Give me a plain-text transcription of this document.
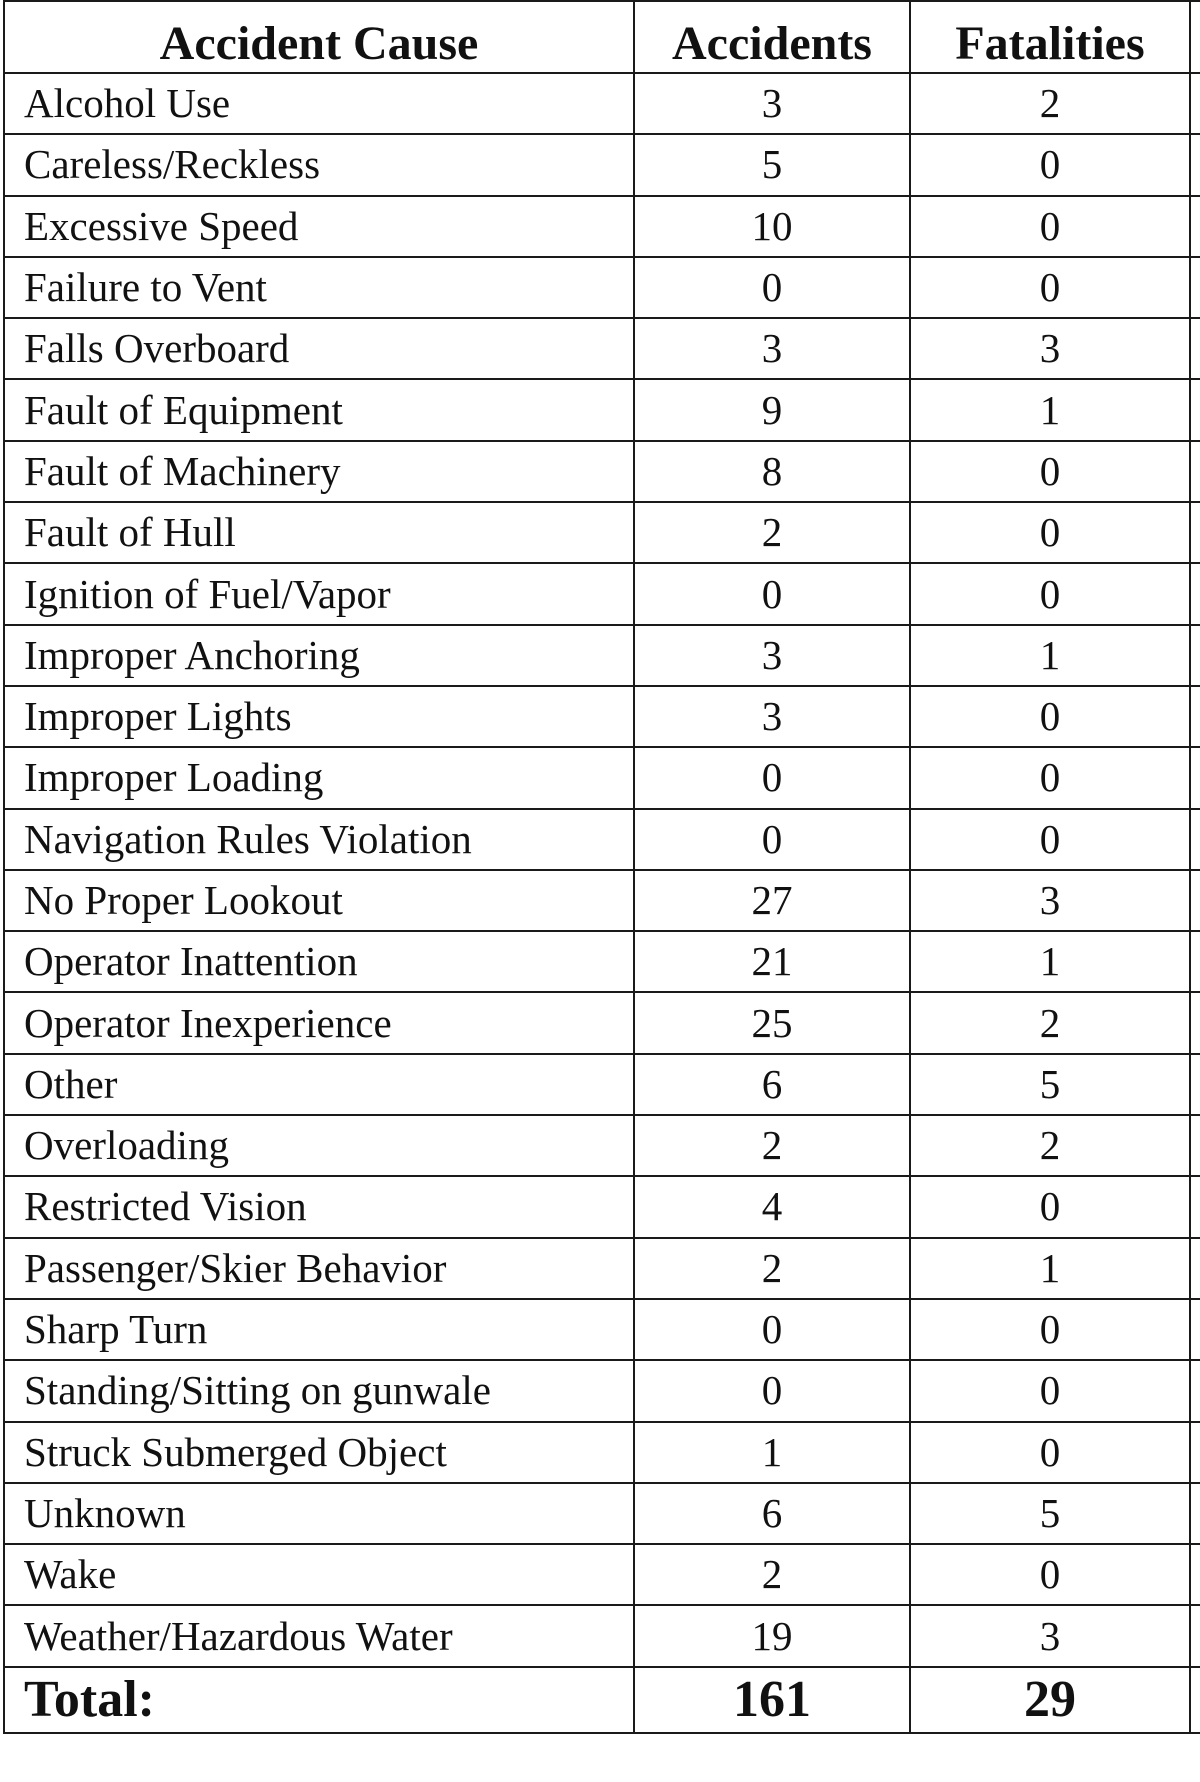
Accident Cause	Accidents	Fatalities	
Alcohol Use	3	2	
Careless/Reckless	5	0	
Excessive Speed	10	0	
Failure to Vent	0	0	
Falls Overboard	3	3	
Fault of Equipment	9	1	
Fault of Machinery	8	0	
Fault of Hull	2	0	
Ignition of Fuel/Vapor	0	0	
Improper Anchoring	3	1	
Improper Lights	3	0	
Improper Loading	0	0	
Navigation Rules Violation	0	0	
No Proper Lookout	27	3	
Operator Inattention	21	1	
Operator Inexperience	25	2	
Other	6	5	
Overloading	2	2	
Restricted Vision	4	0	
Passenger/Skier Behavior	2	1	
Sharp Turn	0	0	
Standing/Sitting on gunwale	0	0	
Struck Submerged Object	1	0	
Unknown	6	5	
Wake	2	0	
Weather/Hazardous Water	19	3	
Total:	161	29	
